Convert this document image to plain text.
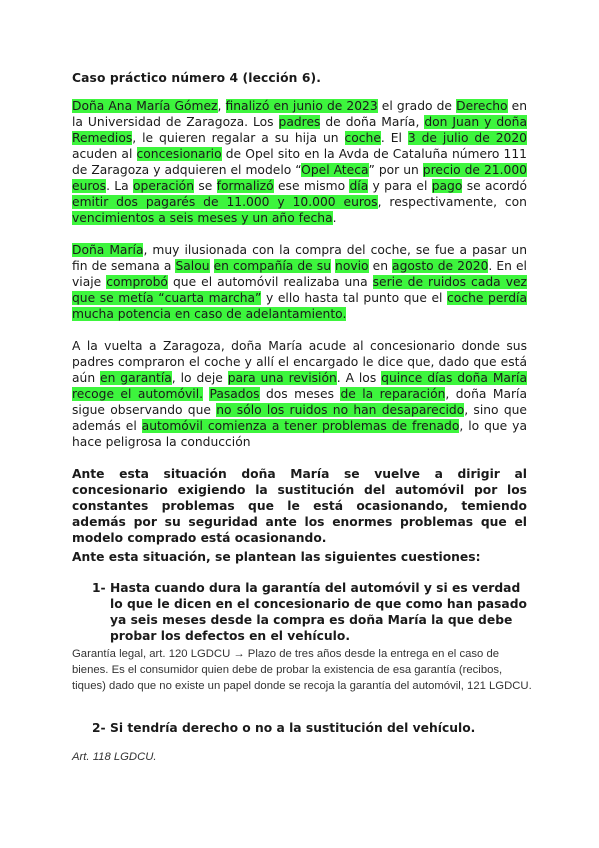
Caso práctico número 4 (lección 6).

Doña Ana María Gómez, finalizó en junio de 2023 el grado de Derecho en la Universidad de Zaragoza. Los padres de doña María, don Juan y doña Remedios, le quieren regalar a su hija un coche. El 3 de julio de 2020 acuden al concesionario de Opel sito en la Avda de Cataluña número 111 de Zaragoza y adquieren el modelo “Opel Ateca” por un precio de 21.000 euros. La operación se formalizó ese mismo día y para el pago se acordó emitir dos pagarés de 11.000 y 10.000 euros, respectivamente, con vencimientos a seis meses y un año fecha.

Doña María, muy ilusionada con la compra del coche, se fue a pasar un fin de semana a Salou en compañía de su novio en agosto de 2020. En el viaje comprobó que el automóvil realizaba una serie de ruidos cada vez que se metía “cuarta marcha” y ello hasta tal punto que el coche perdía mucha potencia en caso de adelantamiento.

A la vuelta a Zaragoza, doña María acude al concesionario donde sus padres compraron el coche y allí el encargado le dice que, dado que está aún en garantía, lo deje para una revisión. A los quince días doña María recoge el automóvil. Pasados dos meses de la reparación, doña María sigue observando que no sólo los ruidos no han desaparecido, sino que además el automóvil comienza a tener problemas de frenado, lo que ya hace peligrosa la conducción

Ante esta situación doña María se vuelve a dirigir al concesionario exigiendo la sustitución del automóvil por los constantes problemas que le está ocasionando, temiendo además por su seguridad ante los enormes problemas que el modelo comprado está ocasionando.

Ante esta situación, se plantean las siguientes cuestiones:

1- Hasta cuando dura la garantía del automóvil y si es verdad lo que le dicen en el concesionario de que como han pasado ya seis meses desde la compra es doña María la que debe probar los defectos en el vehículo.
Garantía legal, art. 120 LGDCU → Plazo de tres años desde la entrega en el caso de bienes. Es el consumidor quien debe de probar la existencia de esa garantía (recibos, tiques) dado que no existe un papel donde se recoja la garantía del automóvil, 121 LGDCU.
2- Si tendría derecho o no a la sustitución del vehículo.
Art. 118 LGDCU.
